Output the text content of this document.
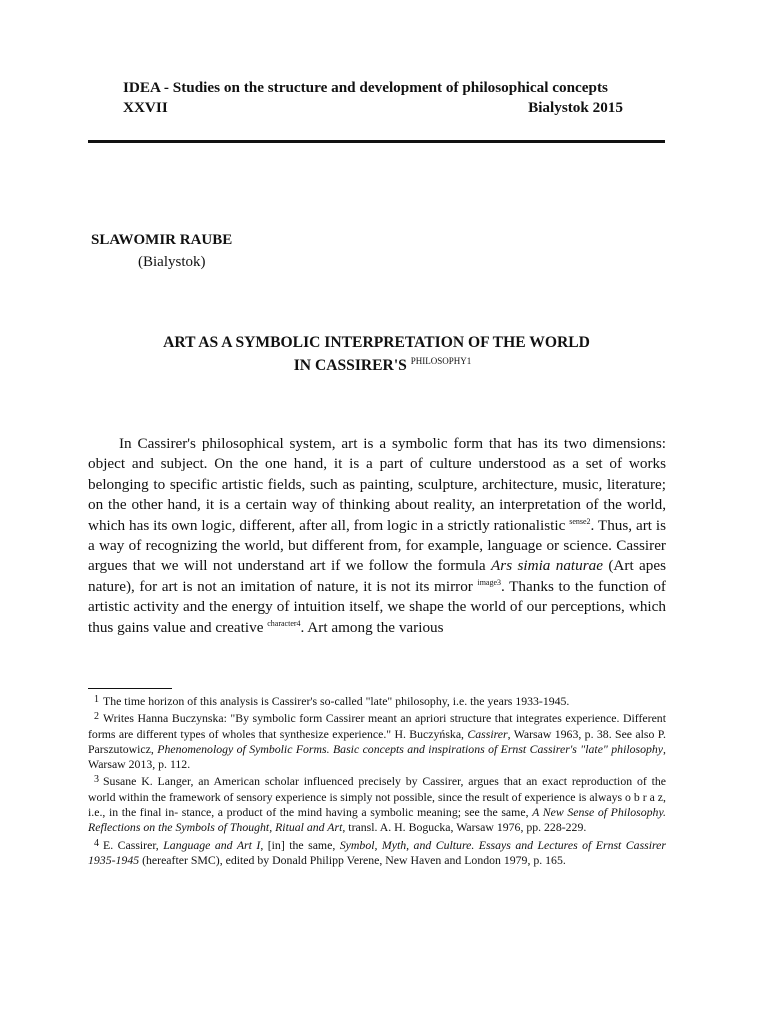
IDEA - Studies on the structure and development of philosophical concepts
XXVII	Bialystok 2015
SLAWOMIR RAUBE
(Bialystok)
ART AS A SYMBOLIC INTERPRETATION OF THE WORLD
IN CASSIRER'S $^{PHILOSOPHY1}$

In Cassirer's philosophical system, art is a symbolic form that has its two dimensions: object and subject. On the one hand, it is a part of culture understood as a set of works belonging to specific artistic fields, such as painting, sculpture, architecture, music, literature; on the other hand, it is a certain way of thinking about reality, an interpretation of the world, which has its own logic, different, after all, from logic in a strictly rationalistic $^{sense2}$. Thus, art is a way of recognizing the world, but different from, for example, language or science. Cassirer argues that we will not understand art if we follow the formula Ars simia naturae (Art apes nature), for art is not an imitation of nature, it is not its mirror $^{image3}$. Thanks to the function of artistic activity and the energy of intuition itself, we shape the world of our perceptions, which thus gains value and creative $^{character4}$. Art among the various

$^1$ The time horizon of this analysis is Cassirer's so-called "late" philosophy, i.e. the years 1933-1945.

$^2$ Writes Hanna Buczynska: "By symbolic form Cassirer meant an apriori structure that integrates experience. Different forms are different types of wholes that synthesize experience." H. Buczyńska, Cassirer, Warsaw 1963, p. 38. See also P. Parszutowicz, Phenomenology of Symbolic Forms. Basic concepts and inspirations of Ernst Cassirer's "late" philosophy, Warsaw 2013, p. 112.

$^3$ Susane K. Langer, an American scholar influenced precisely by Cassirer, argues that an exact reproduction of the world within the framework of sensory experience is simply not possible, since the result of experience is always o b r a z, i.e., in the final in- stance, a product of the mind having a symbolic meaning; see the same, A New Sense of Philosophy. Reflections on the Symbols of Thought, Ritual and Art, transl. A. H. Bogucka, Warsaw 1976, pp. 228-229.

$^4$ E. Cassirer, Language and Art I, [in] the same, Symbol, Myth, and Culture. Essays and Lectures of Ernst Cassirer 1935-1945 (hereafter SMC), edited by Donald Philipp Verene, New Haven and London 1979, p. 165.
